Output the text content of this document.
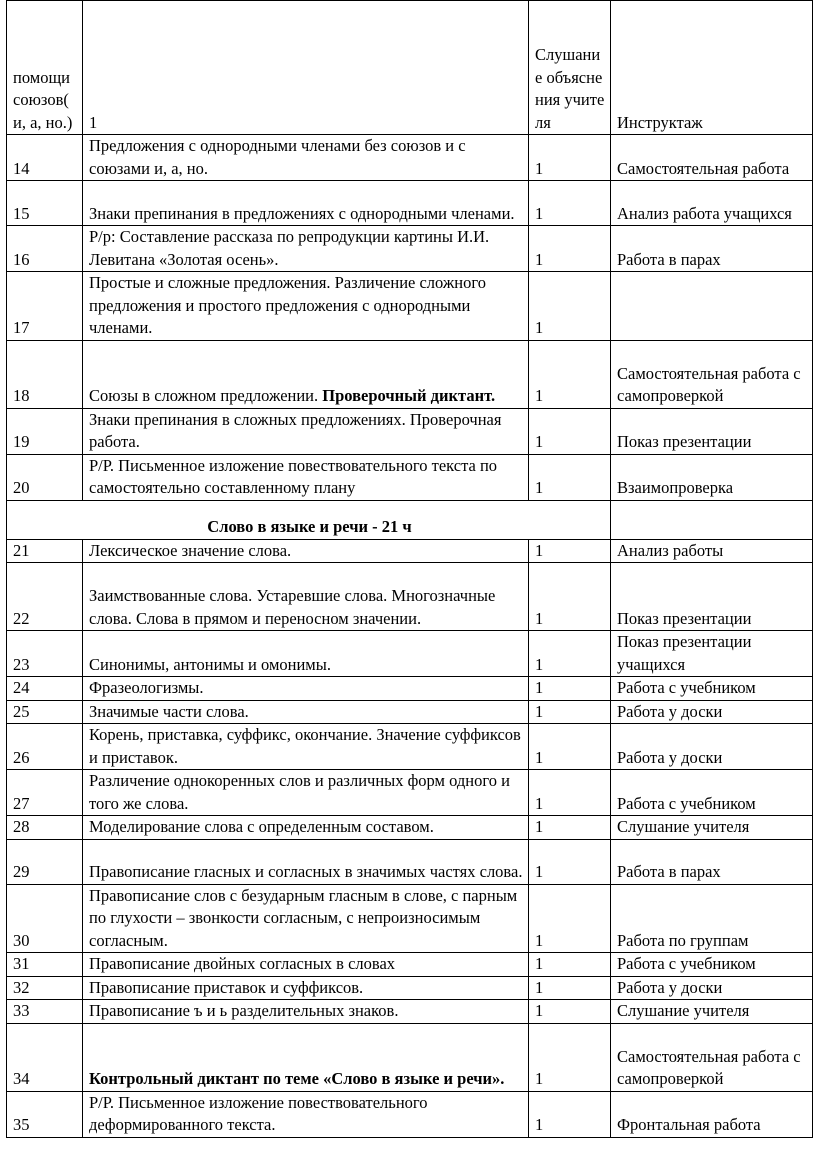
помощи союзов( и, а, но.)	1	Слушание объяснения учителя	Инструктаж
14	Предложения с однородными членами без союзов и с союзами и, а, но.	1	Самостоятельная работа
15	Знаки препинания в предложениях с однородными членами.	1	Анализ работа учащихся
16	Р/р: Составление рассказа по репродукции картины И.И. Левитана «Золотая осень».	1	Работа в парах
17	Простые и сложные предложения. Различение сложного предложения и простого предложения с однородными членами.	1	
18	Союзы в сложном предложении. Проверочный диктант.	1	Самостоятельная работа с самопроверкой
19	Знаки препинания в сложных предложениях. Проверочная работа.	1	Показ презентации
20	Р/Р. Письменное изложение повествовательного текста по самостоятельно составленному плану	1	Взаимопроверка
Слово в языке и речи - 21 ч			
21	Лексическое значение слова.	1	Анализ работы
22	Заимствованные слова. Устаревшие слова. Многозначные слова. Слова в прямом и переносном значении.	1	Показ презентации
23	Синонимы, антонимы и омонимы.	1	Показ презентации учащихся
24	Фразеологизмы.	1	Работа с учебником
25	Значимые части слова.	1	Работа у доски
26	Корень, приставка, суффикс, окончание. Значение суффиксов и приставок.	1	Работа у доски
27	Различение однокоренных слов и различных форм одного и того же слова.	1	Работа с учебником
28	Моделирование слова с определенным составом.	1	Слушание учителя
29	Правописание гласных и согласных в значимых частях слова.	1	Работа в парах
30	Правописание слов с безударным гласным в слове, с парным по глухости – звонкости согласным, с непроизносимым согласным.	1	Работа по группам
31	Правописание двойных согласных в словах	1	Работа с учебником
32	Правописание приставок и суффиксов.	1	Работа у доски
33	Правописание ъ и ь разделительных знаков.	1	Слушание учителя
34	Контрольный диктант по теме «Слово в языке и речи».	1	Самостоятельная работа с самопроверкой
35	Р/Р. Письменное изложение повествовательного деформированного текста.	1	Фронтальная работа
